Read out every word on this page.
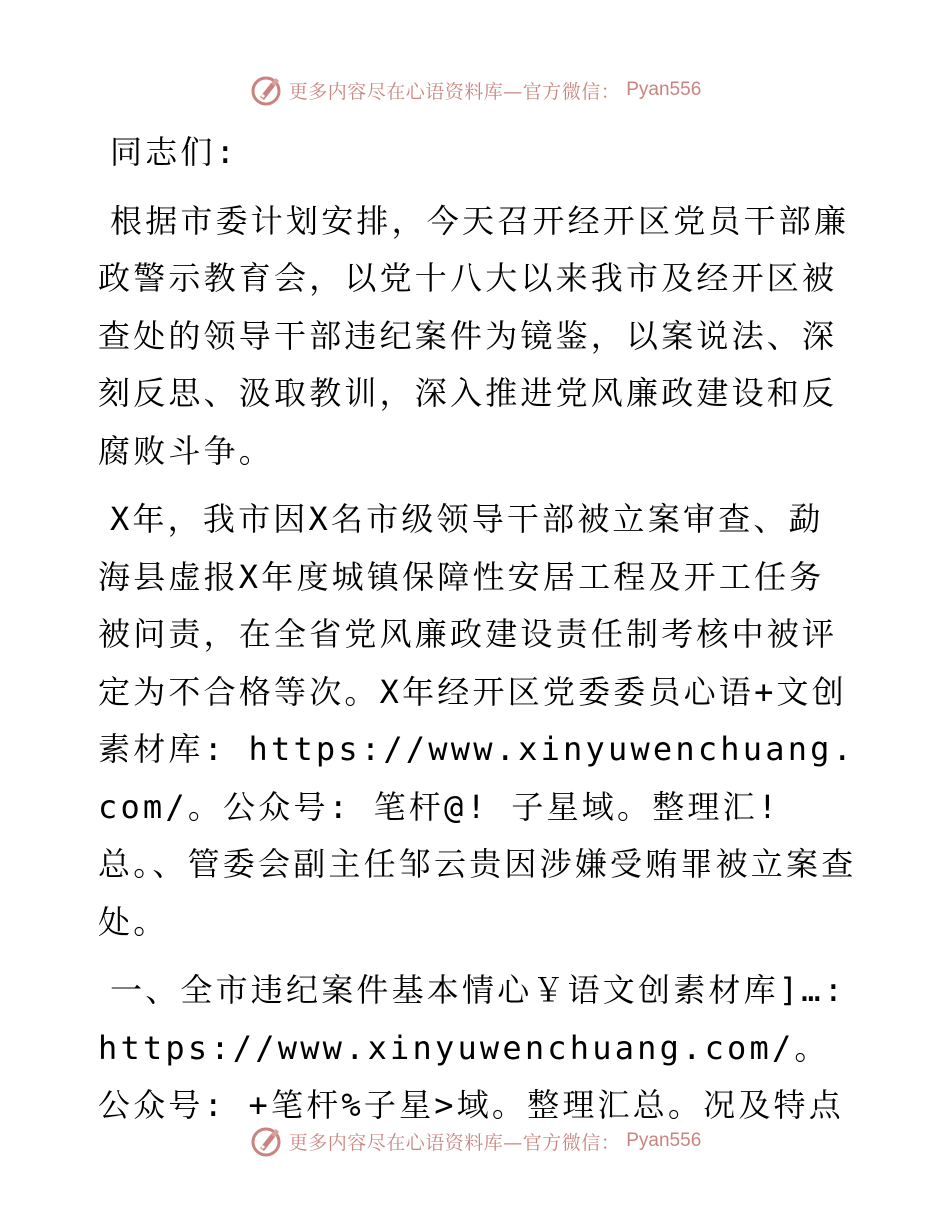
更多内容尽在心语资料库—官方微信： Pyan556

同志们:

根据市委计划安排，今天召开经开区党员干部廉政警示教育会，以党十八大以来我市及经开区被查处的领导干部违纪案件为镜鉴，以案说法、深刻反思、汲取教训，深入推进党风廉政建设和反腐败斗争。

X年，我市因X名市级领导干部被立案审查、勐海县虚报X年度城镇保障性安居工程及开工任务被问责，在全省党风廉政建设责任制考核中被评定为不合格等次。X年经开区党委委员心语+文创素材库: https://www.xinyuwenchuang.com/。公众号: 笔杆@! 子星域。整理汇! 总。、管委会副主任邹云贵因涉嫌受贿罪被立案查处。

一、全市违纪案件基本情心￥语文创素材库]…: https://www.xinyuwenchuang.com/。公众号: +笔杆%子星>域。整理汇总。况及特点

更多内容尽在心语资料库—官方微信： Pyan556
